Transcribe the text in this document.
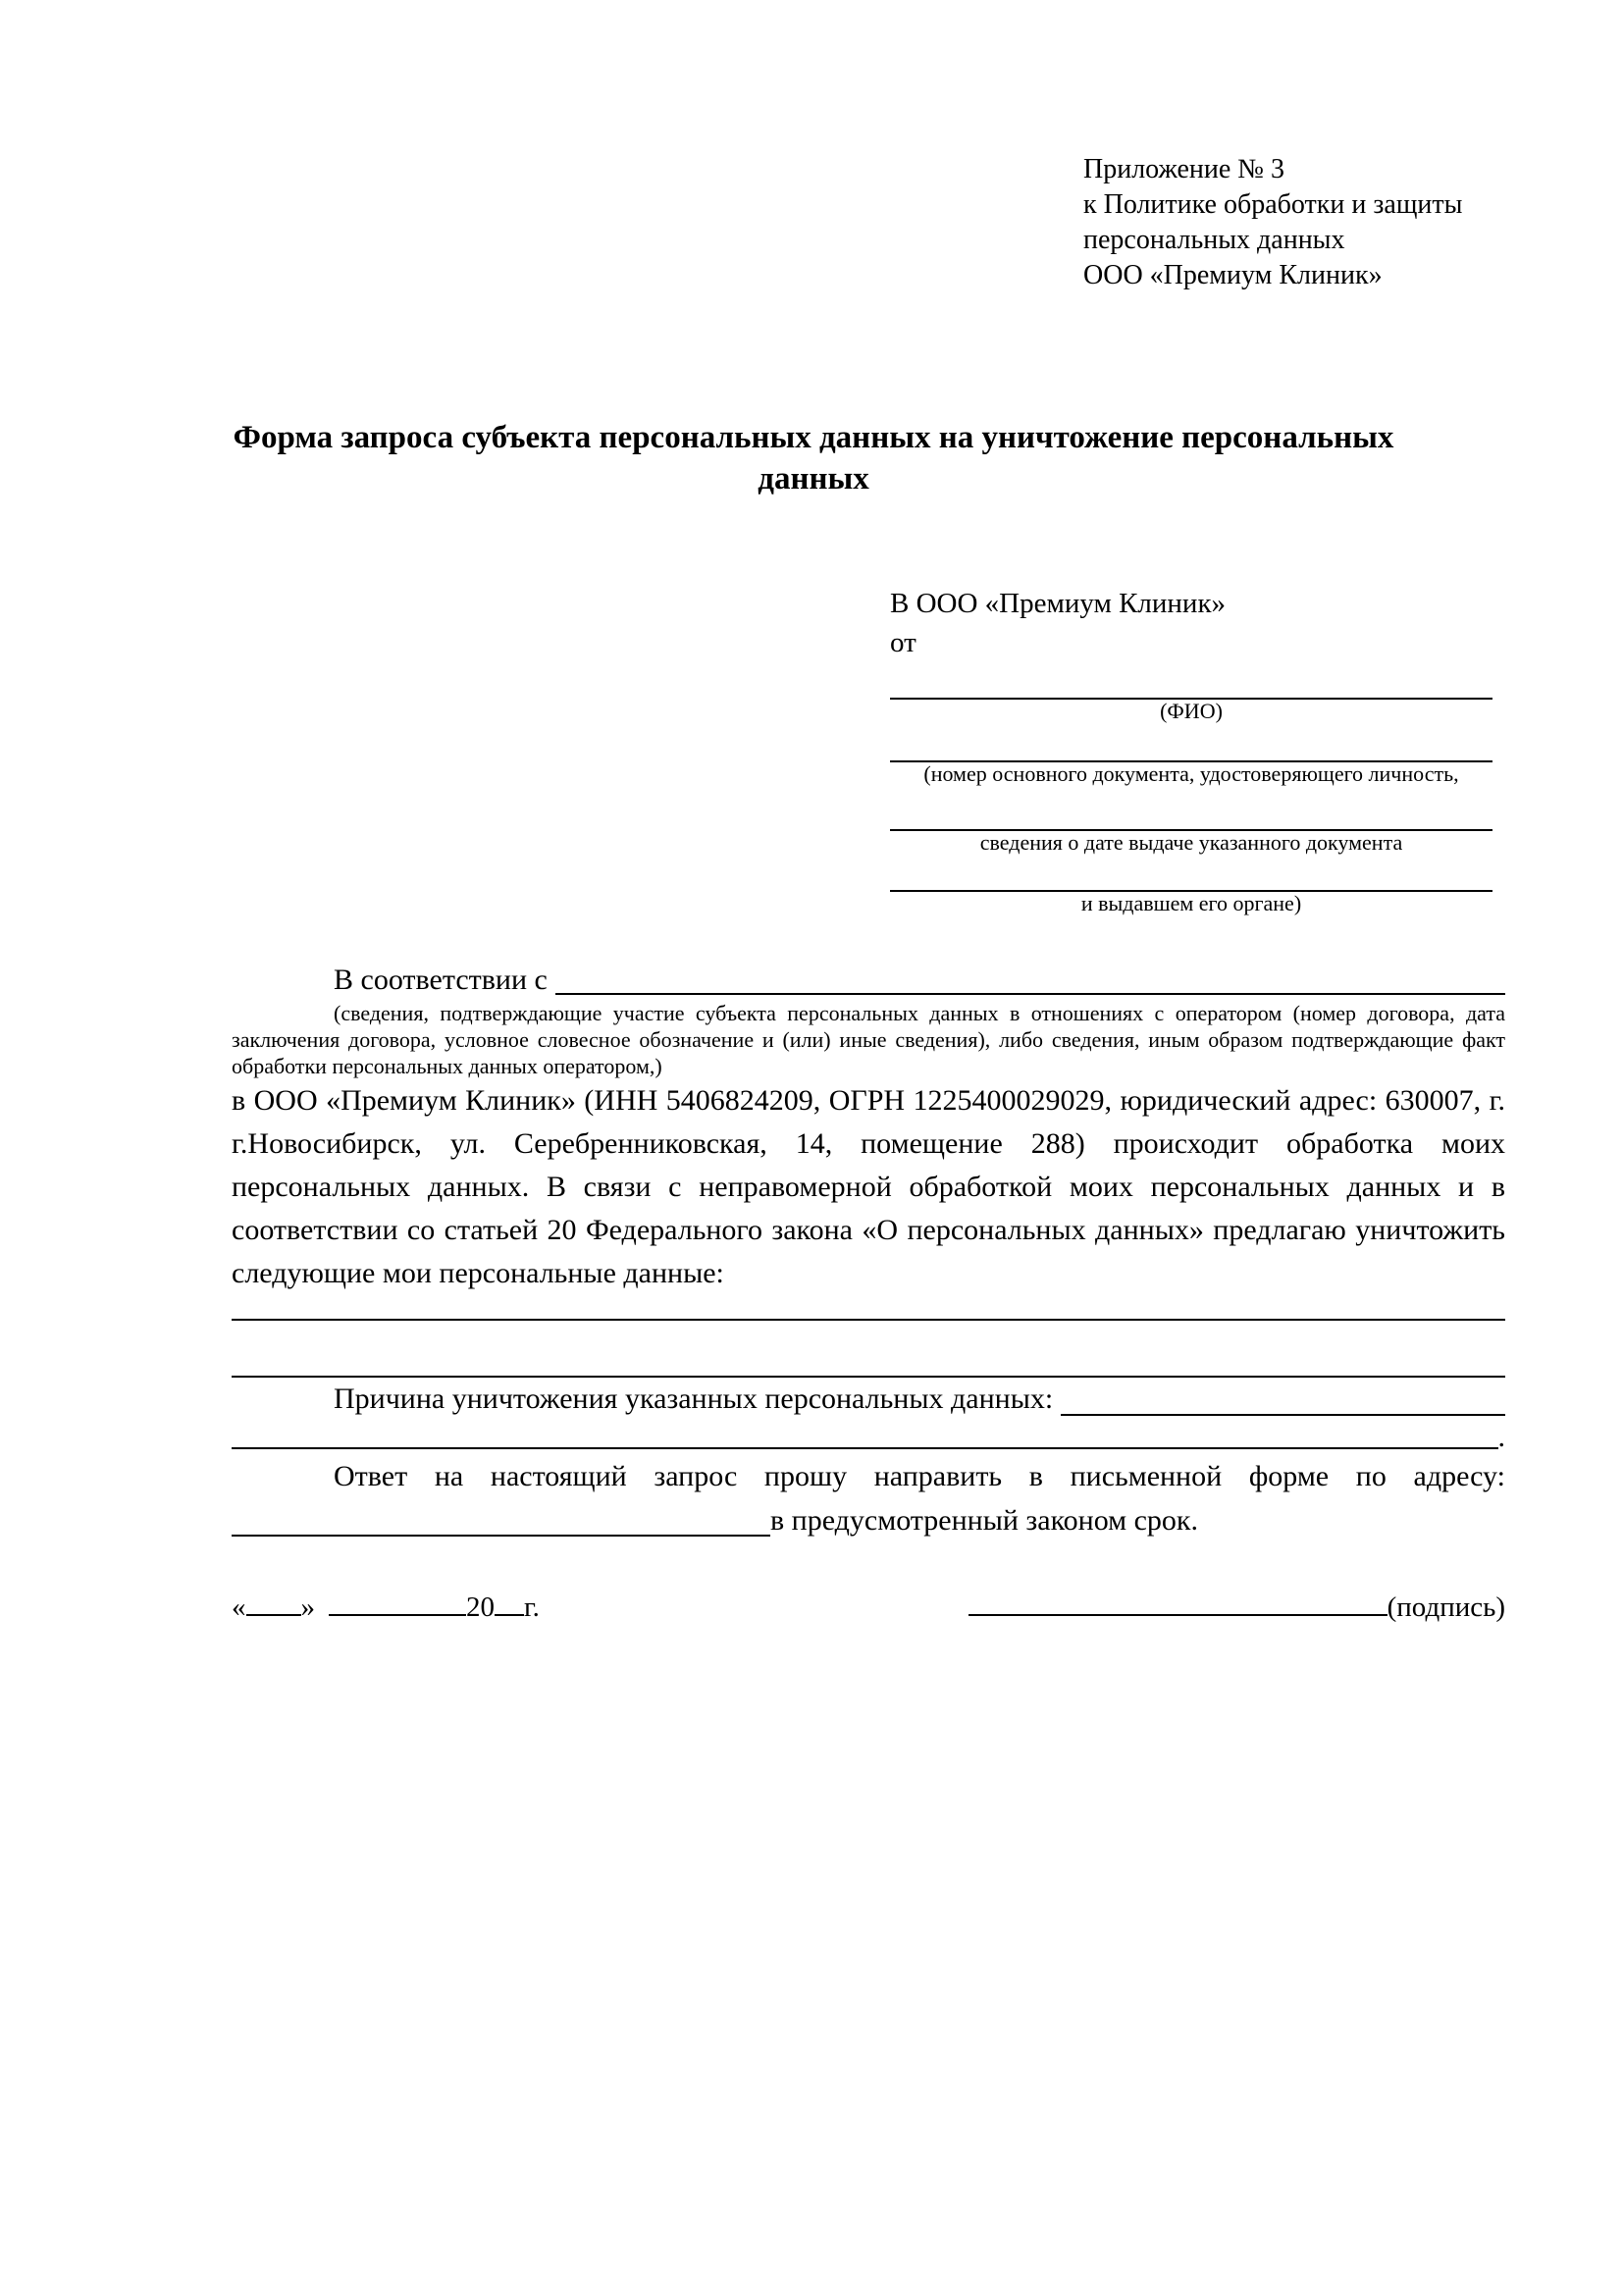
Приложение № 3
к Политике обработки и защиты
персональных данных
ООО «Премиум Клиник»
Форма запроса субъекта персональных данных на уничтожение персональных данных
В ООО «Премиум Клиник»
от
(ФИО)
(номер основного документа, удостоверяющего личность,
сведения о дате выдаче указанного документа
и выдавшем его органе)
В соответствии с
(сведения, подтверждающие участие субъекта персональных данных в отношениях с оператором (номер договора, дата заключения договора, условное словесное обозначение и (или) иные сведения), либо сведения, иным образом подтверждающие факт обработки персональных данных оператором,)
в ООО «Премиум Клиник» (ИНН 5406824209, ОГРН 1225400029029, юридический адрес: 630007, г. г.Новосибирск, ул. Серебренниковская, 14, помещение 288) происходит обработка моих персональных данных. В связи с неправомерной обработкой моих персональных данных и в соответствии со статьей 20 Федерального закона «О персональных данных» предлагаю уничтожить следующие мои персональные данные:
Причина уничтожения указанных персональных данных:
.
Ответ на настоящий запрос прошу направить в письменной форме по адресу:
в предусмотренный законом срок.
« »	20 г.	(подпись)
